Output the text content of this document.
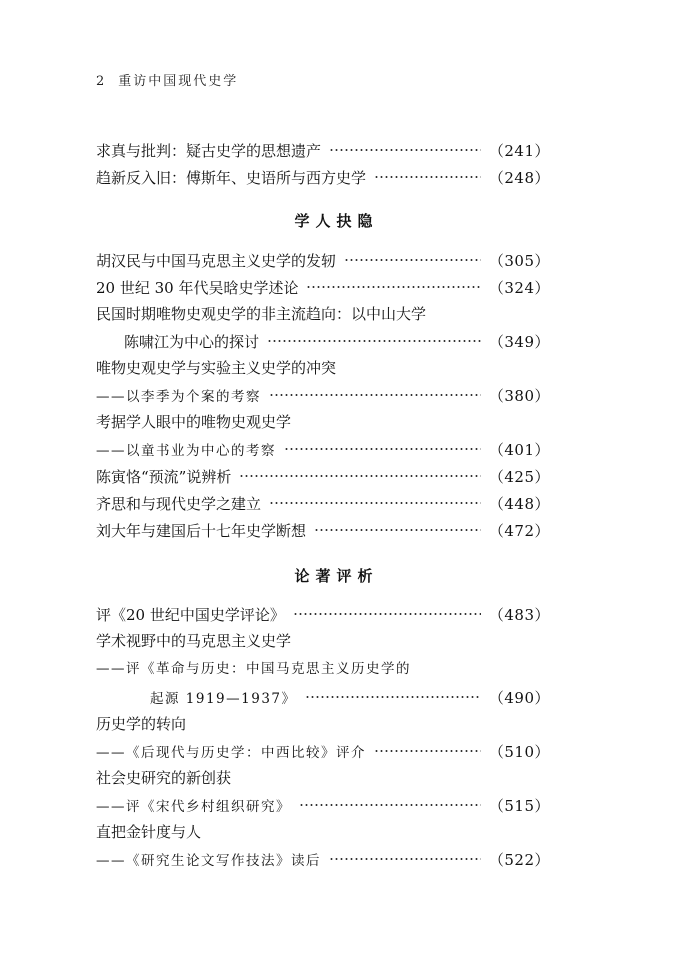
2 重访中国现代史学
求真与批判：疑古史学的思想遗产	（241）
趋新反入旧：傅斯年、史语所与西方史学	（248）
学人抉隐
胡汉民与中国马克思主义史学的发轫	（305）
20 世纪 30 年代吴晗史学述论	（324）
民国时期唯物史观史学的非主流趋向：以中山大学
陈啸江为中心的探讨	（349）
唯物史观史学与实验主义史学的冲突
——以李季为个案的考察	（380）
考据学人眼中的唯物史观史学
——以童书业为中心的考察	（401）
陈寅恪“预流”说辨析	（425）
齐思和与现代史学之建立	（448）
刘大年与建国后十七年史学断想	（472）
论著评析
评《20 世纪中国史学评论》	（483）
学术视野中的马克思主义史学
——评《革命与历史：中国马克思主义历史学的
起源 1919—1937》	（490）
历史学的转向
——《后现代与历史学：中西比较》评介	（510）
社会史研究的新创获
——评《宋代乡村组织研究》	（515）
直把金针度与人
——《研究生论文写作技法》读后	（522）
